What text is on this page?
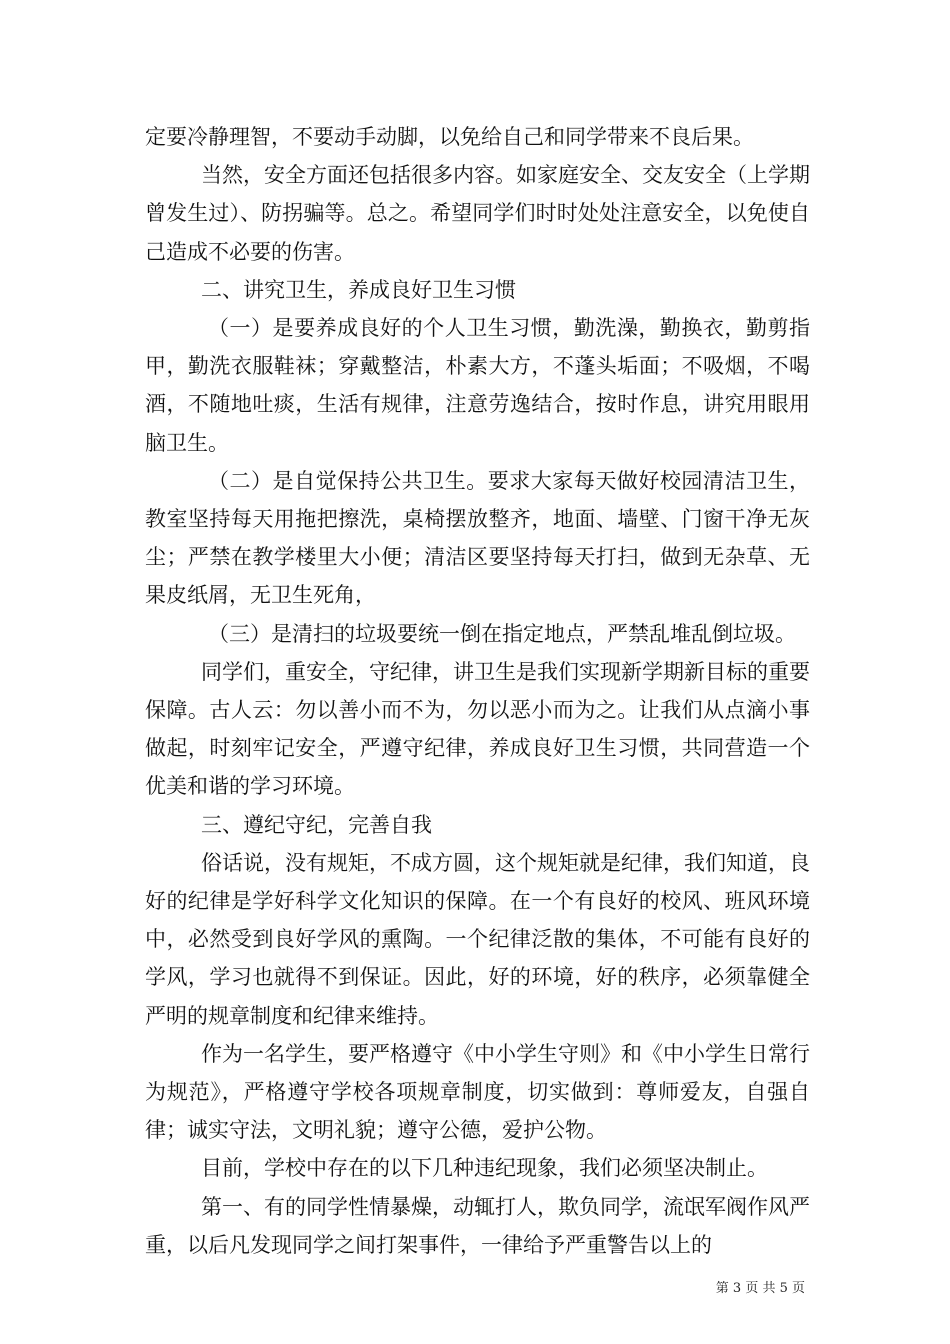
定要冷静理智，不要动手动脚，以免给自己和同学带来不良后果。

当然，安全方面还包括很多内容。如家庭安全、交友安全（上学期曾发生过）、防拐骗等。总之。希望同学们时时处处注意安全，以免使自己造成不必要的伤害。

二、讲究卫生，养成良好卫生习惯

（一）是要养成良好的个人卫生习惯，勤洗澡，勤换衣，勤剪指甲，勤洗衣服鞋袜；穿戴整洁，朴素大方，不蓬头垢面；不吸烟，不喝酒，不随地吐痰，生活有规律，注意劳逸结合，按时作息，讲究用眼用脑卫生。

（二）是自觉保持公共卫生。要求大家每天做好校园清洁卫生，教室坚持每天用拖把擦洗，桌椅摆放整齐，地面、墙壁、门窗干净无灰尘；严禁在教学楼里大小便；清洁区要坚持每天打扫，做到无杂草、无果皮纸屑，无卫生死角，

（三）是清扫的垃圾要统一倒在指定地点，严禁乱堆乱倒垃圾。

同学们，重安全，守纪律，讲卫生是我们实现新学期新目标的重要保障。古人云：勿以善小而不为，勿以恶小而为之。让我们从点滴小事做起，时刻牢记安全，严遵守纪律，养成良好卫生习惯，共同营造一个优美和谐的学习环境。

三、遵纪守纪，完善自我

俗话说，没有规矩，不成方圆，这个规矩就是纪律，我们知道，良好的纪律是学好科学文化知识的保障。在一个有良好的校风、班风环境中，必然受到良好学风的熏陶。一个纪律泛散的集体，不可能有良好的学风，学习也就得不到保证。因此，好的环境，好的秩序，必须靠健全严明的规章制度和纪律来维持。

作为一名学生，要严格遵守《中小学生守则》和《中小学生日常行为规范》，严格遵守学校各项规章制度，切实做到：尊师爱友，自强自律；诚实守法，文明礼貌；遵守公德，爱护公物。

目前，学校中存在的以下几种违纪现象，我们必须坚决制止。

第一、有的同学性情暴燥，动辄打人，欺负同学，流氓军阀作风严重，以后凡发现同学之间打架事件，一律给予严重警告以上的

第 3 页 共 5 页
